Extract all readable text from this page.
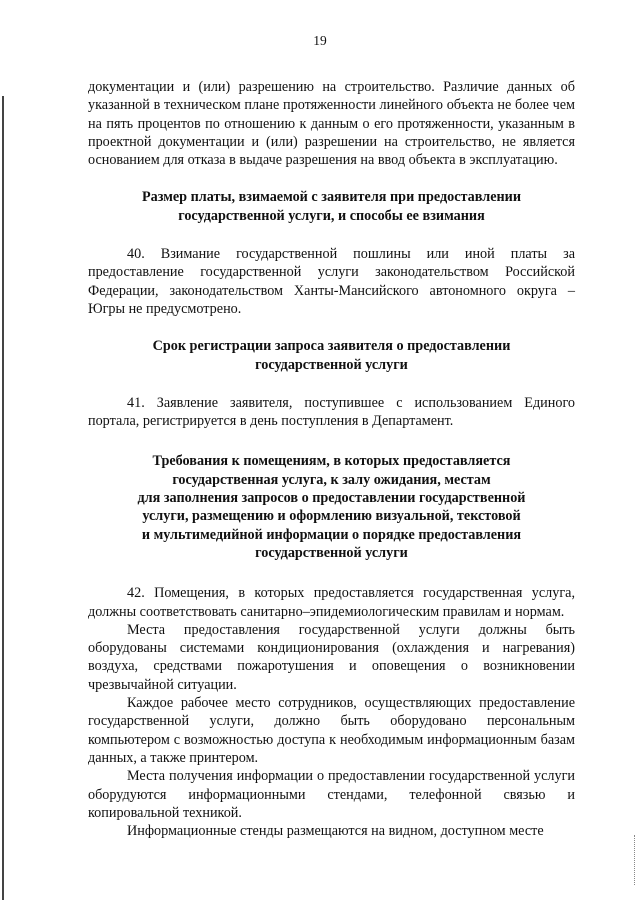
19

документации и (или) разрешению на строительство. Различие данных об указанной в техническом плане протяженности линейного объекта не более чем на пять процентов по отношению к данным о его протяженности, указанным в проектной документации и (или) разрешении на строительство, не является основанием для отказа в выдаче разрешения на ввод объекта в эксплуатацию.

Размер платы, взимаемой с заявителя при предоставлении
государственной услуги, и способы ее взимания

40. Взимание государственной пошлины или иной платы за предоставление государственной услуги законодательством Российской Федерации, законодательством Ханты-Мансийского автономного округа – Югры не предусмотрено.

Срок регистрации запроса заявителя о предоставлении
государственной услуги

41. Заявление заявителя, поступившее с использованием Единого портала, регистрируется в день поступления в Департамент.

Требования к помещениям, в которых предоставляется
государственная услуга, к залу ожидания, местам
для заполнения запросов о предоставлении государственной
услуги, размещению и оформлению визуальной, текстовой
и мультимедийной информации о порядке предоставления
государственной услуги

42. Помещения, в которых предоставляется государственная услуга, должны соответствовать санитарно–эпидемиологическим правилам и нормам.

Места предоставления государственной услуги должны быть оборудованы системами кондиционирования (охлаждения и нагревания) воздуха, средствами пожаротушения и оповещения о возникновении чрезвычайной ситуации.

Каждое рабочее место сотрудников, осуществляющих предоставление государственной услуги, должно быть оборудовано персональным компьютером с возможностью доступа к необходимым информационным базам данных, а также принтером.

Места получения информации о предоставлении государственной услуги оборудуются информационными стендами, телефонной связью и копировальной техникой.

Информационные стенды размещаются на видном, доступном месте
